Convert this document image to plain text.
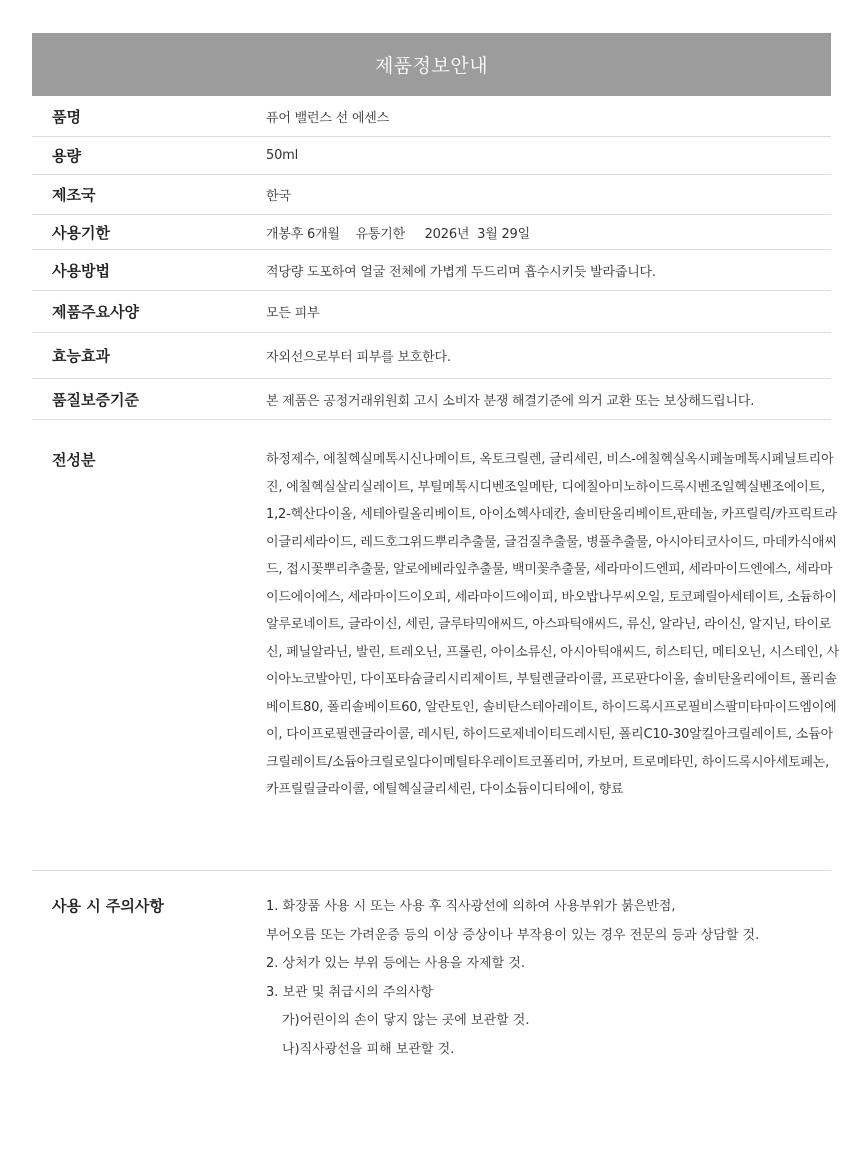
제품정보안내
품명	퓨어 밸런스 선 에센스
용량	50ml
제조국	한국
사용기한	개봉후 6개월    유통기한     2026년  3월 29일
사용방법	적당량 도포하여 얼굴 전체에 가볍게 두드리며 흡수시키듯 발라줍니다.
제품주요사양	모든 피부
효능효과	자외선으로부터 피부를 보호한다.
품질보증기준	본 제품은 공정거래위원회 고시 소비자 분쟁 해결기준에 의거 교환 또는 보상해드립니다.
전성분	하정제수, 에칠헥실메톡시신나메이트, 옥토크릴렌, 글리세린, 비스-에칠헥실옥시페놀메톡시페닐트리아진, 에칠헥실살리실레이트, 부틸메톡시디벤조일메탄, 디에칠아미노하이드록시벤조일헥실벤조에이트, 1,2-헥산다이올, 세테아릴올리베이트, 아이소헥사데칸, 솔비탄올리베이트,판테놀, 카프릴릭/카프릭트라이글리세라이드, 레드호그위드뿌리추출물, 글검질추출물, 병풀추출물, 아시아티코사이드, 마데카식애씨드, 접시꽃뿌리추출물, 알로에베라잎추출물, 백미꽃추출물, 세라마이드엔피, 세라마이드엔에스, 세라마이드에이에스, 세라마이드이오피, 세라마이드에이피, 바오밥나무씨오일, 토코페릴아세테이트, 소듐하이알루로네이트, 글라이신, 세린, 글루타믹애씨드, 아스파틱애씨드, 류신, 알라닌, 라이신, 알지닌, 타이로신, 페닐알라닌, 발린, 트레오닌, 프롤린, 아이소류신, 아시아틱애씨드, 히스티딘, 메티오닌, 시스테인, 사이아노코발아민, 다이포타슘글리시리제이트, 부틸렌글라이콜, 프로판다이올, 솔비탄올리에이트, 폴리솔베이트80, 폴리솔베이트60, 알란토인, 솔비탄스테아레이트, 하이드록시프로필비스팔미타마이드엠이에이, 다이프로필렌글라이콜, 레시틴, 하이드로제네이티드레시틴, 폴리C10-30알킬아크릴레이트, 소듐아크릴레이트/소듐아크릴로일다이메틸타우레이트코폴리머, 카보머, 트로메타민, 하이드록시아세토페논, 카프릴릴글라이콜, 에틸헥실글리세린, 다이소듐이디티에이, 향료
사용 시 주의사항	1. 화장품 사용 시 또는 사용 후 직사광선에 의하여 사용부위가 붉은반점,
부어오름 또는 가려운증 등의 이상 증상이나 부작용이 있는 경우 전문의 등과 상담할 것.
2. 상처가 있는 부위 등에는 사용을 자제할 것.
3. 보관 및 취급시의 주의사항
가)어린이의 손이 닿지 않는 곳에 보관할 것.
나)직사광선을 피해 보관할 것.
